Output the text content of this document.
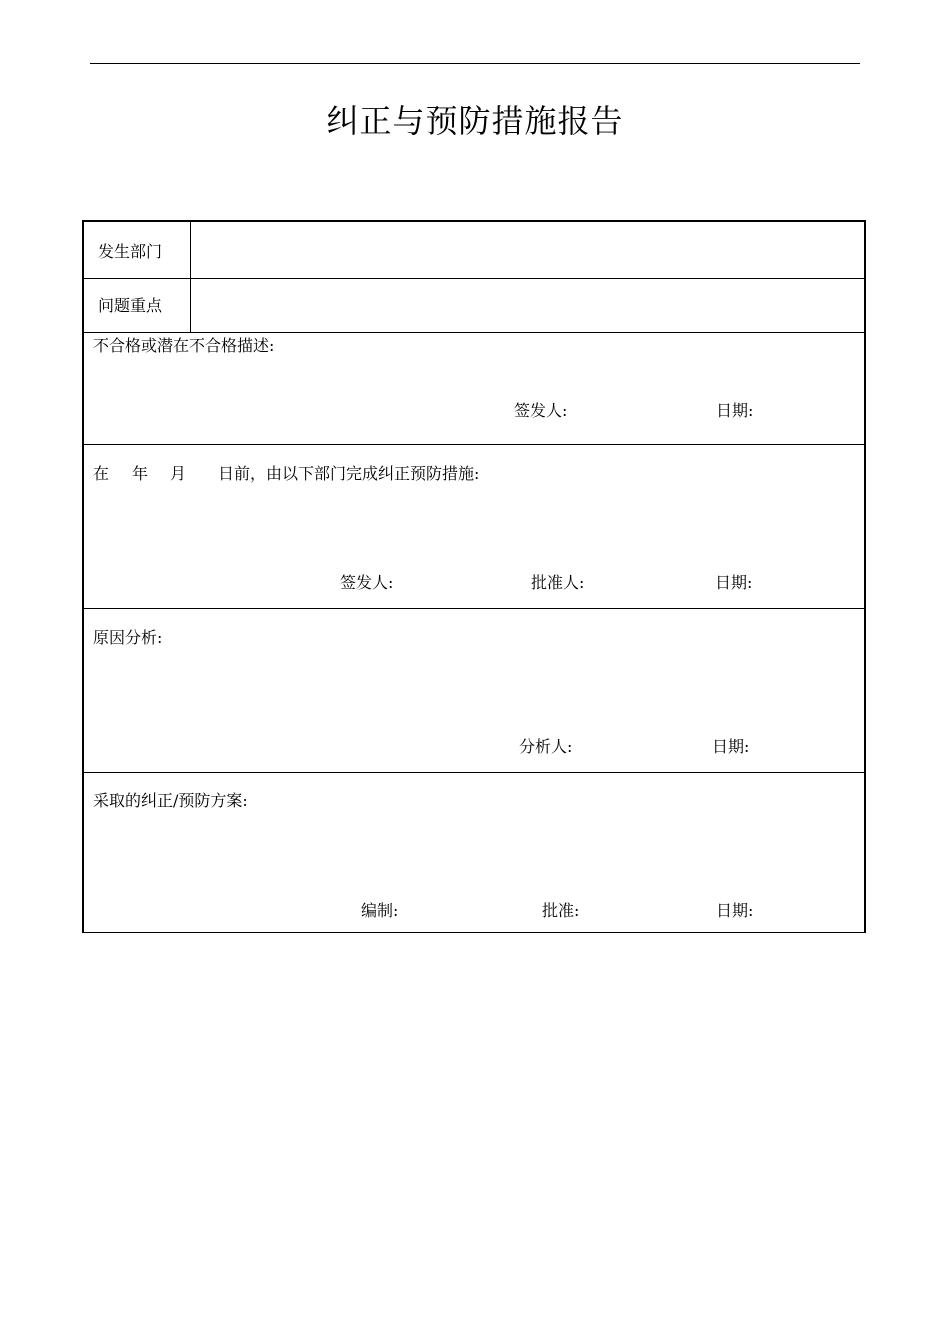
纠正与预防措施报告
发生部门
问题重点
不合格或潜在不合格描述:
签发人:	日期:
在 年 月 日前，由以下部门完成纠正预防措施:
签发人:	批准人:	日期:
原因分析:
分析人:	日期:
采取的纠正/预防方案:
编制:	批准:	日期:
